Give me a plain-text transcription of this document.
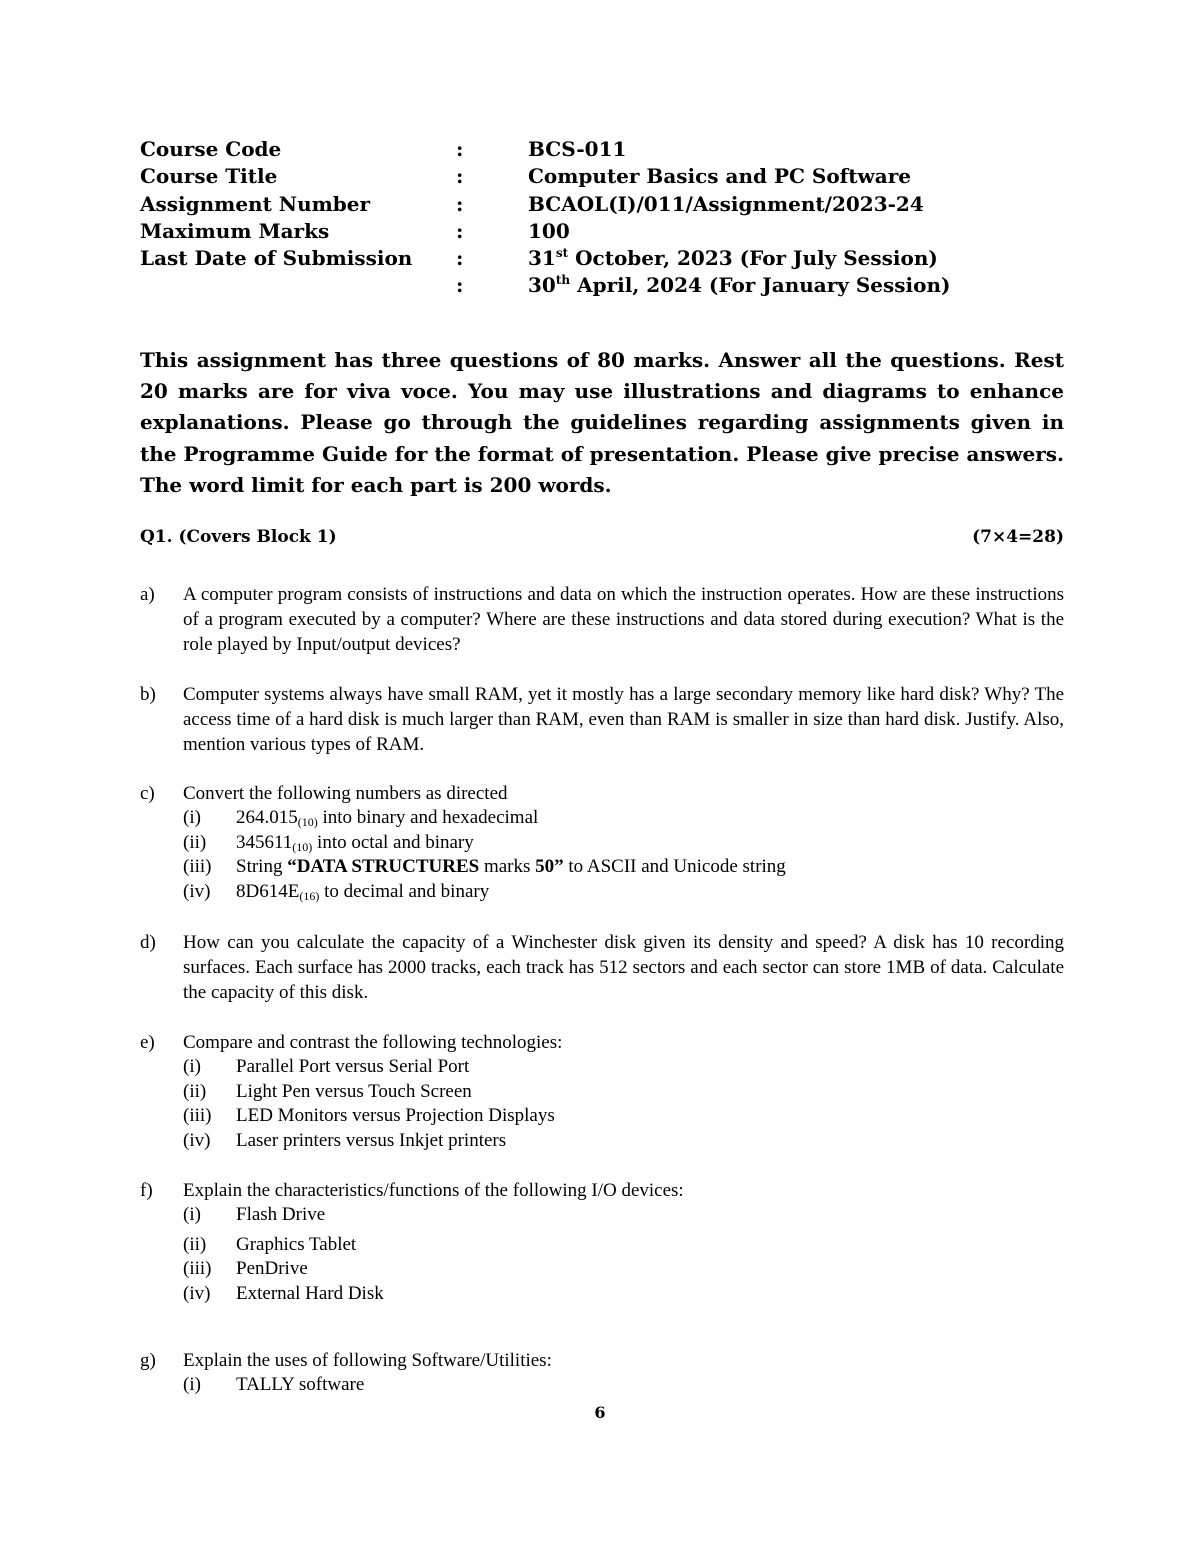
Course Code	:	BCS-011
Course Title	:	Computer Basics and PC Software
Assignment Number	:	BCAOL(I)/011/Assignment/2023-24
Maximum Marks	:	100
Last Date of Submission :	31st October, 2023 (For July Session)
:	30th April, 2024 (For January Session)

This assignment has three questions of 80 marks. Answer all the questions. Rest 20 marks are for viva voce. You may use illustrations and diagrams to enhance explanations. Please go through the guidelines regarding assignments given in the Programme Guide for the format of presentation. Please give precise answers. The word limit for each part is 200 words.

Q1. (Covers Block 1)	(7×4=28)
a) A computer program consists of instructions and data on which the instruction operates. How are these instructions of a program executed by a computer? Where are these instructions and data stored during execution? What is the role played by Input/output devices?
b) Computer systems always have small RAM, yet it mostly has a large secondary memory like hard disk? Why? The access time of a hard disk is much larger than RAM, even than RAM is smaller in size than hard disk. Justify. Also, mention various types of RAM.
c) Convert the following numbers as directed
(i) $264.015_{(10)}$ into binary and hexadecimal
(ii) $345611_{(10)}$ into octal and binary
(iii) String “DATA STRUCTURES marks 50” to ASCII and Unicode string
(iv) $8D614E_{(16)}$ to decimal and binary
d) How can you calculate the capacity of a Winchester disk given its density and speed? A disk has 10 recording surfaces. Each surface has 2000 tracks, each track has 512 sectors and each sector can store 1MB of data. Calculate the capacity of this disk.
e) Compare and contrast the following technologies:
(i) Parallel Port versus Serial Port
(ii) Light Pen versus Touch Screen
(iii) LED Monitors versus Projection Displays
(iv) Laser printers versus Inkjet printers
f) Explain the characteristics/functions of the following I/O devices:
(i) Flash Drive
(ii) Graphics Tablet
(iii) PenDrive
(iv) External Hard Disk
g) Explain the uses of following Software/Utilities:
(i) TALLY software
6
